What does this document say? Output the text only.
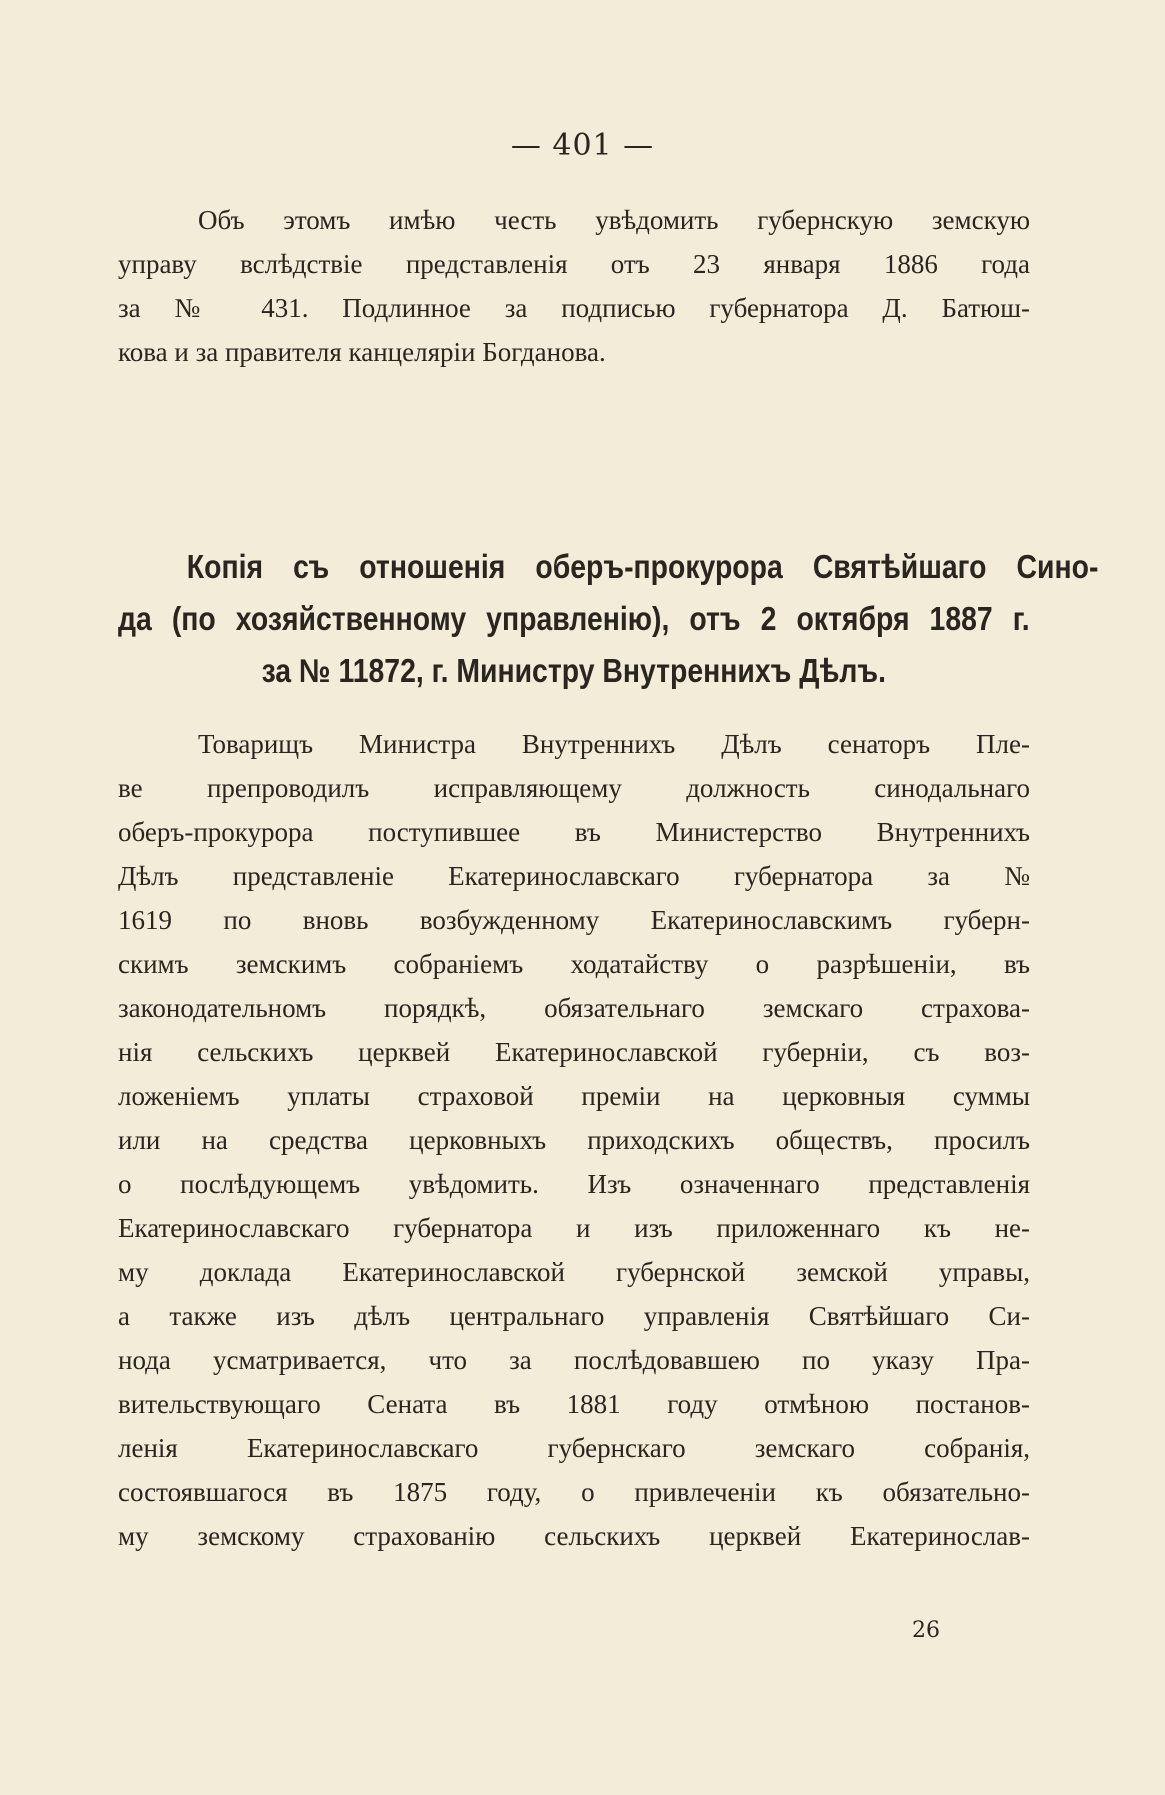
— 401 —
Объ этомъ имѣю честь увѣдомить губернскую земскую
управу вслѣдствіе представленія отъ 23 января 1886 года
за № 431. Подлинное за подписью губернатора Д. Батюш-
кова и за правителя канцеляріи Богданова.
Копія съ отношенія оберъ-прокурора Святѣйшаго Сино-
да (по хозяйственному управленію), отъ 2 октября 1887 г.
за № 11872, г. Министру Внутреннихъ Дѣлъ.
Товарищъ Министра Внутреннихъ Дѣлъ сенаторъ Пле-
ве препроводилъ исправляющему должность синодальнаго
оберъ-прокурора поступившее въ Министерство Внутреннихъ
Дѣлъ представленіе Екатеринославскаго губернатора за №
1619 по вновь возбужденному Екатеринославскимъ губерн-
скимъ земскимъ собраніемъ ходатайству о разрѣшеніи, въ
законодательномъ порядкѣ, обязательнаго земскаго страхова-
нія сельскихъ церквей Екатеринославской губерніи, съ воз-
ложеніемъ уплаты страховой преміи на церковныя суммы
или на средства церковныхъ приходскихъ обществъ, просилъ
о послѣдующемъ увѣдомить. Изъ означеннаго представленія
Екатеринославскаго губернатора и изъ приложеннаго къ не-
му доклада Екатеринославской губернской земской управы,
а также изъ дѣлъ центральнаго управленія Святѣйшаго Си-
нода усматривается, что за послѣдовавшею по указу Пра-
вительствующаго Сената въ 1881 году отмѣною постанов-
ленія Екатеринославскаго губернскаго земскаго собранія,
состоявшагося въ 1875 году, о привлеченіи къ обязательно-
му земскому страхованію сельскихъ церквей Екатеринослав-
26
